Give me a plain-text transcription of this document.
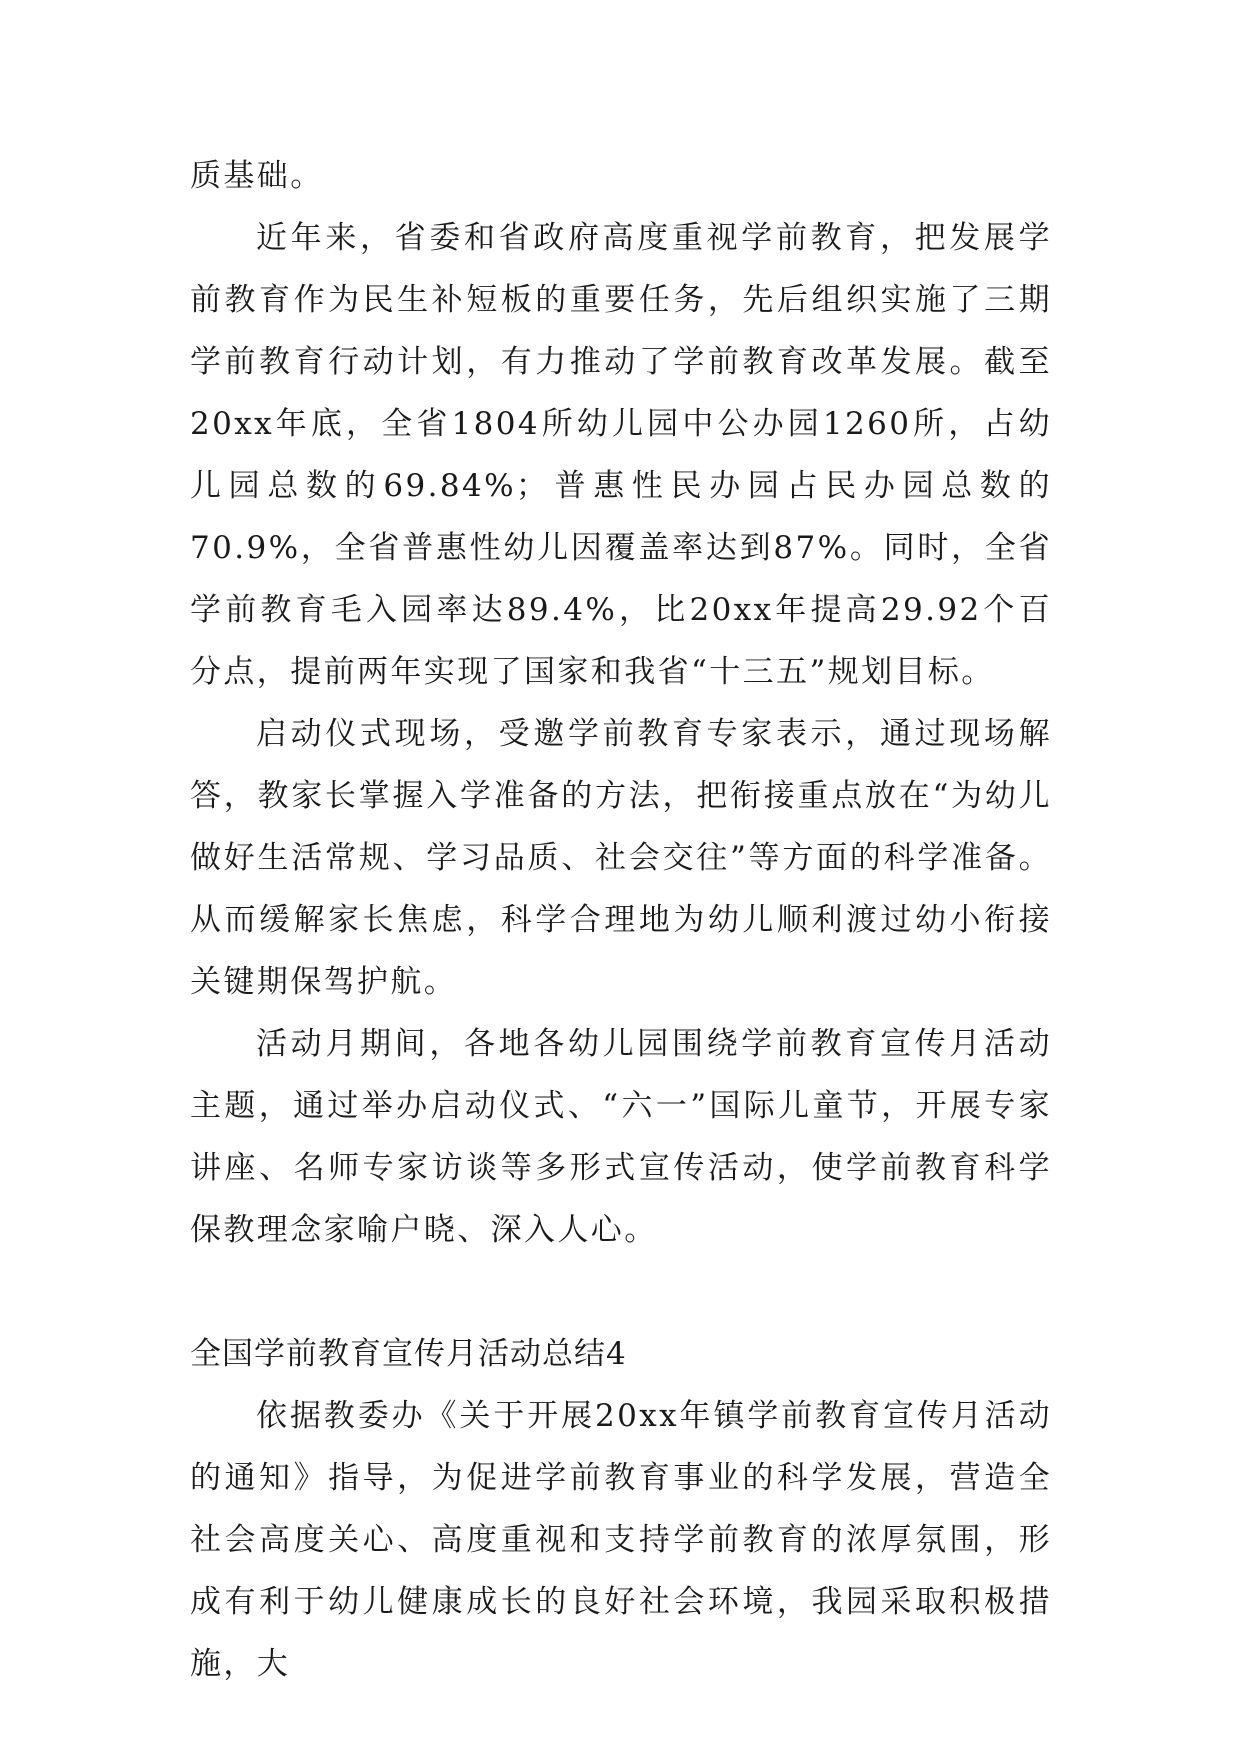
质基础。

近年来，省委和省政府高度重视学前教育，把发展学前教育作为民生补短板的重要任务，先后组织实施了三期学前教育行动计划，有力推动了学前教育改革发展。截至20xx年底，全省1804所幼儿园中公办园1260所，占幼儿园总数的69.84%；普惠性民办园占民办园总数的70.9%，全省普惠性幼儿因覆盖率达到87%。同时，全省学前教育毛入园率达89.4%，比20xx年提高29.92个百分点，提前两年实现了国家和我省“十三五”规划目标。

启动仪式现场，受邀学前教育专家表示，通过现场解答，教家长掌握入学准备的方法，把衔接重点放在“为幼儿做好生活常规、学习品质、社会交往”等方面的科学准备。从而缓解家长焦虑，科学合理地为幼儿顺利渡过幼小衔接关键期保驾护航。

活动月期间，各地各幼儿园围绕学前教育宣传月活动主题，通过举办启动仪式、“六一”国际儿童节，开展专家讲座、名师专家访谈等多形式宣传活动，使学前教育科学保教理念家喻户晓、深入人心。

全国学前教育宣传月活动总结4

依据教委办《关于开展20xx年镇学前教育宣传月活动的通知》指导，为促进学前教育事业的科学发展，营造全社会高度关心、高度重视和支持学前教育的浓厚氛围，形成有利于幼儿健康成长的良好社会环境，我园采取积极措施，大
